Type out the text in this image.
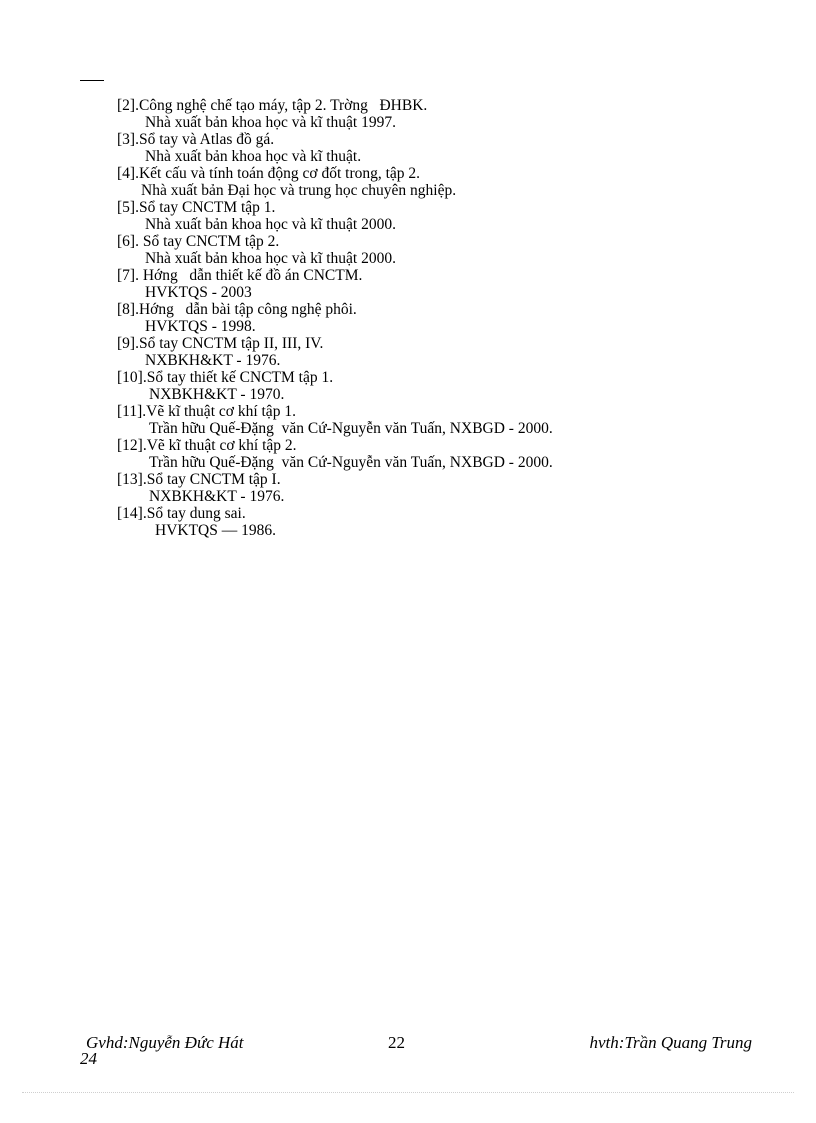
[2].Công nghệ chế tạo máy, tập 2. Trờng   ĐHBK.
Nhà xuất bản khoa học và kĩ thuật 1997.
[3].Sổ tay và Atlas đồ gá.
Nhà xuất bản khoa học và kĩ thuật.
[4].Kết cấu và tính toán động cơ đốt trong, tập 2.
Nhà xuất bản Đại học và trung học chuyên nghiệp.
[5].Sổ tay CNCTM tập 1.
Nhà xuất bản khoa học và kĩ thuật 2000.
[6]. Sổ tay CNCTM tập 2.
Nhà xuất bản khoa học và kĩ thuật 2000.
[7]. Hớng   dẫn thiết kế đồ án CNCTM.
HVKTQS - 2003
[8].Hớng   dẫn bài tập công nghệ phôi.
HVKTQS - 1998.
[9].Sổ tay CNCTM tập II, III, IV.
NXBKH&KT - 1976.
[10].Sổ tay thiết kế CNCTM tập 1.
NXBKH&KT - 1970.
[11].Vẽ kĩ thuật cơ khí tập 1.
Trần hữu Quế-Đặng  văn Cứ-Nguyễn văn Tuấn, NXBGD - 2000.
[12].Vẽ kĩ thuật cơ khí tập 2.
Trần hữu Quế-Đặng  văn Cứ-Nguyễn văn Tuấn, NXBGD - 2000.
[13].Sổ tay CNCTM tập I.
NXBKH&KT - 1976.
[14].Sổ tay dung sai.
HVKTQS — 1986.
Gvhd:Nguyễn Đức Hát	22	hvth:Trần Quang Trung
24
